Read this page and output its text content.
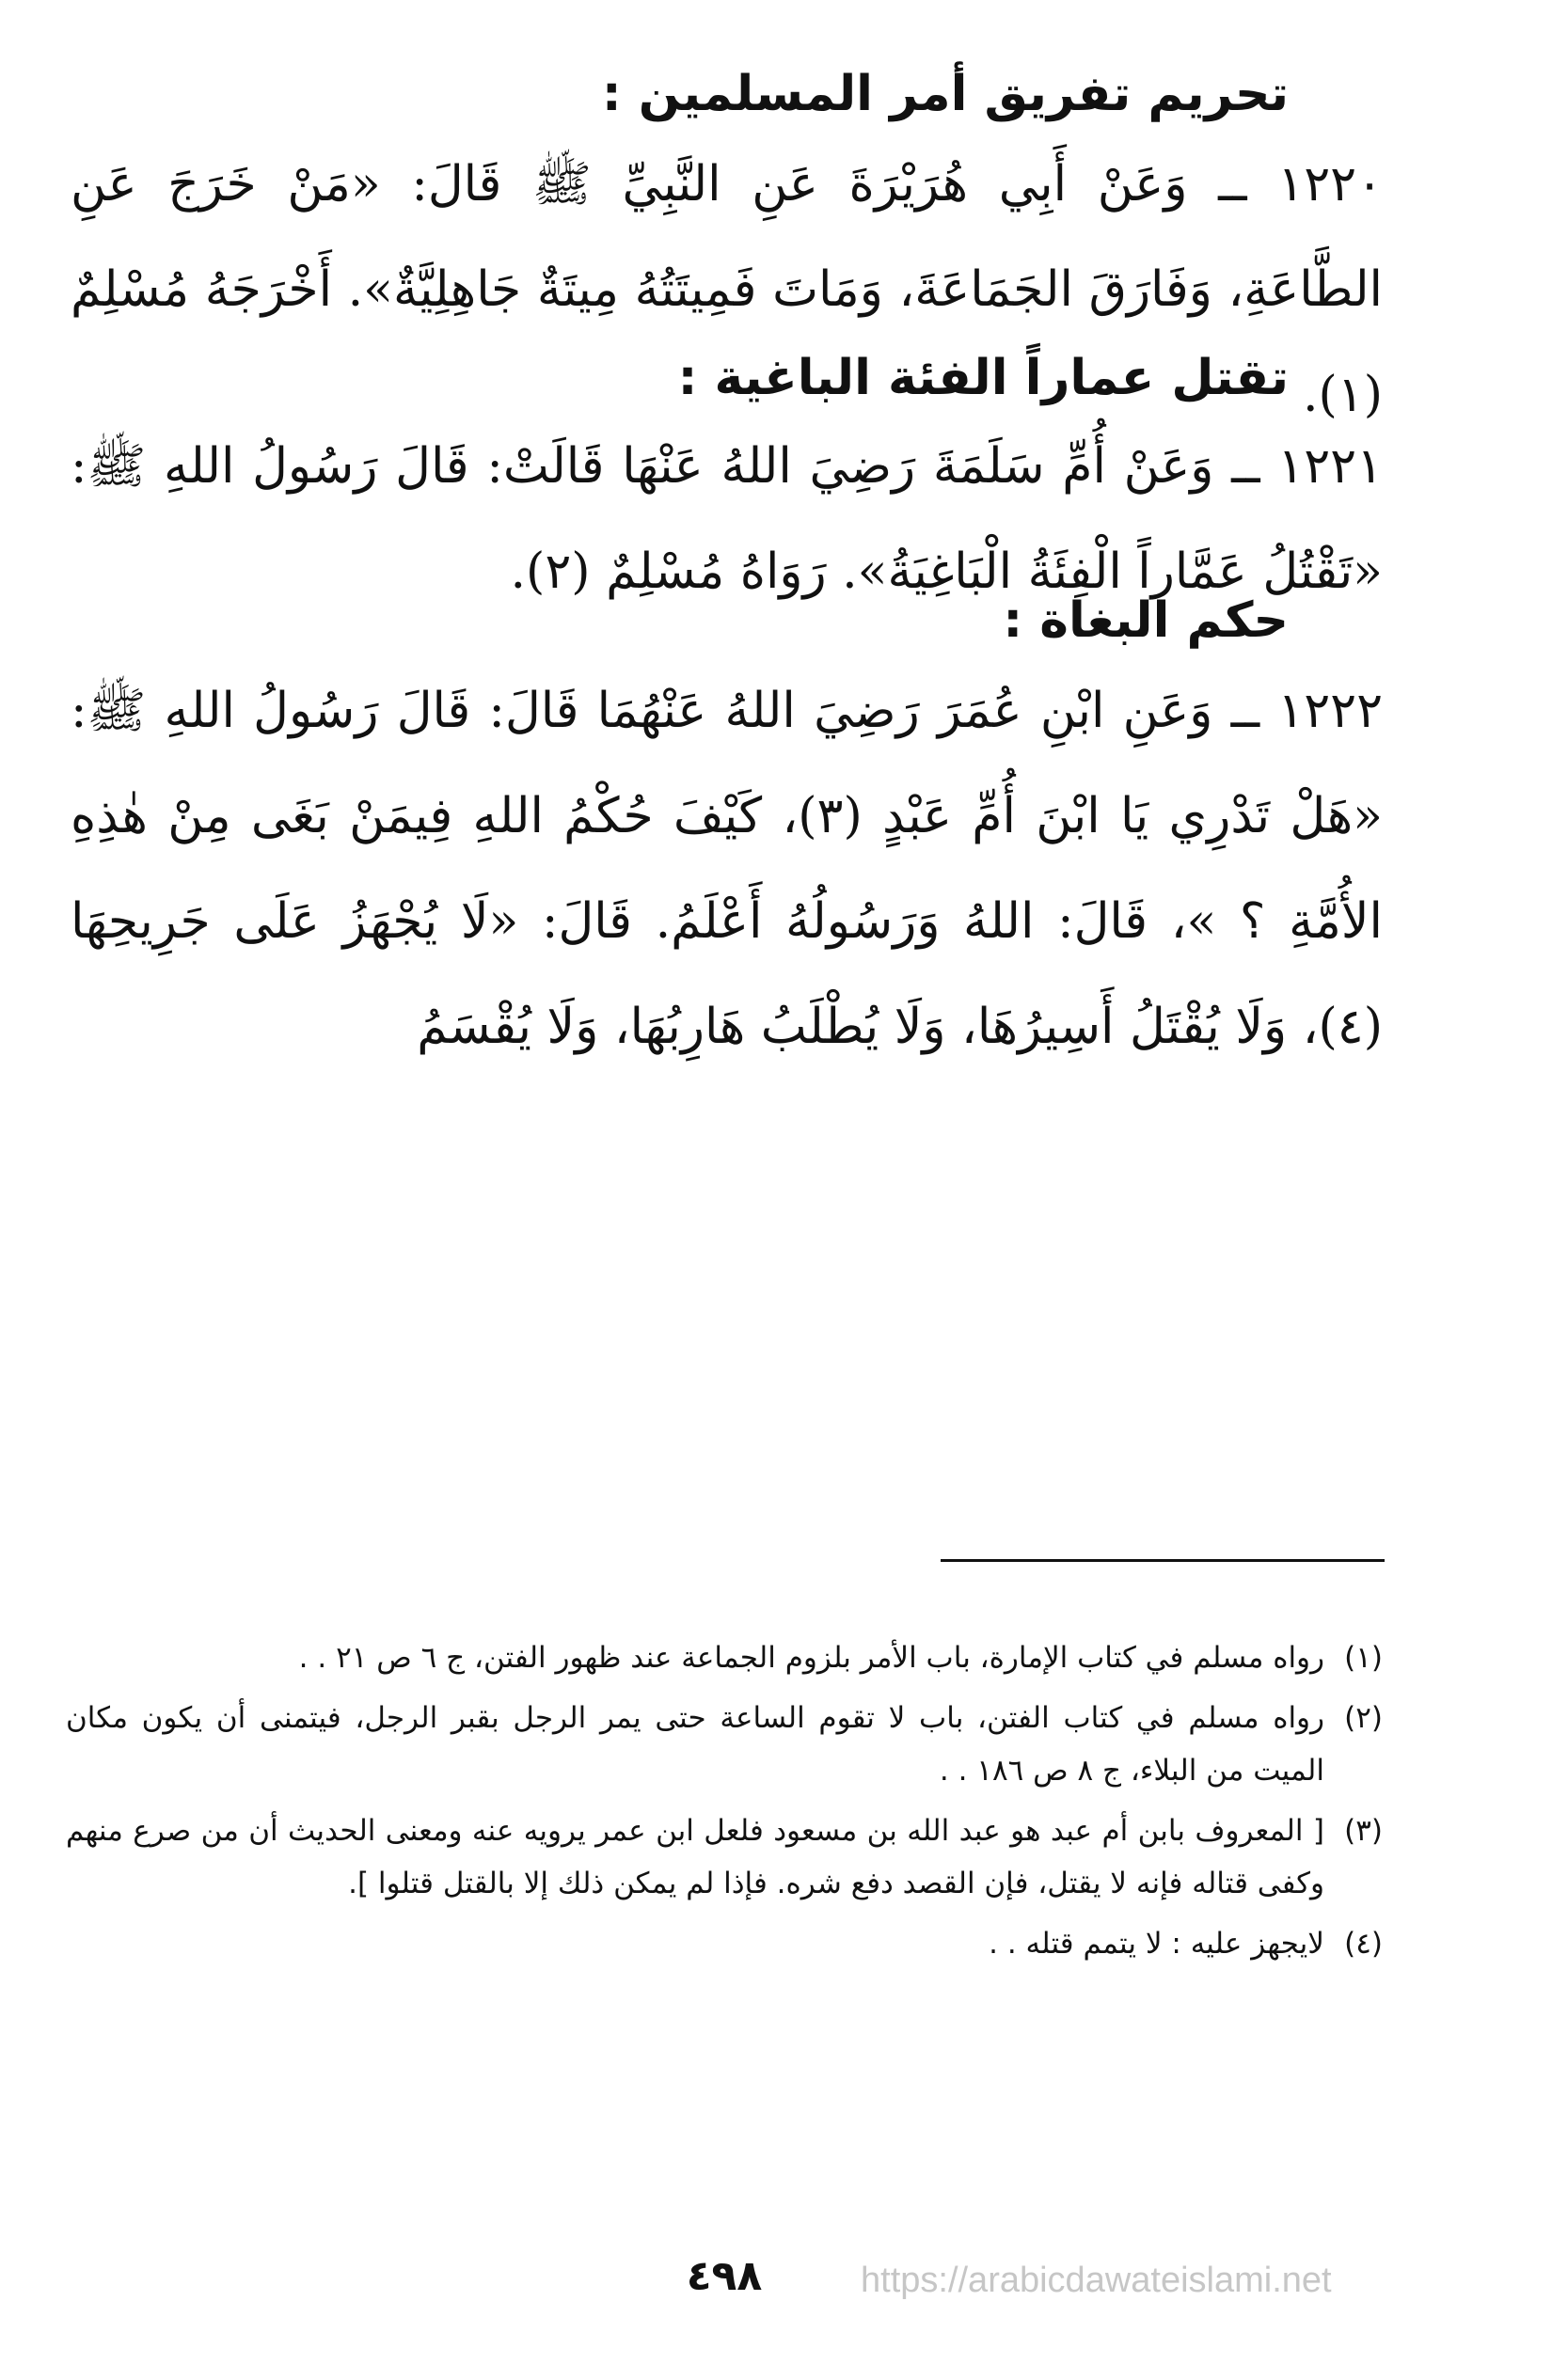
تحريم تفريق أمر المسلمين :
١٢٢٠ ــ وَعَنْ أَبِي هُرَيْرَةَ عَنِ النَّبِيِّ ﷺ قَالَ: «مَنْ خَرَجَ عَنِ الطَّاعَةِ، وَفَارَقَ الجَمَاعَةَ، وَمَاتَ فَمِيتَتُهُ مِيتَةٌ جَاهِلِيَّةٌ». أَخْرَجَهُ مُسْلِمٌ (١).
تقتل عماراً الفئة الباغية :
١٢٢١ ــ وَعَنْ أُمِّ سَلَمَةَ رَضِيَ اللهُ عَنْهَا قَالَتْ: قَالَ رَسُولُ اللهِ ﷺ: «تَقْتُلُ عَمَّاراً الْفِئَةُ الْبَاغِيَةُ». رَوَاهُ مُسْلِمٌ (٢).
حكم البغاة :
١٢٢٢ ــ وَعَنِ ابْنِ عُمَرَ رَضِيَ اللهُ عَنْهُمَا قَالَ: قَالَ رَسُولُ اللهِ ﷺ: «هَلْ تَدْرِي يَا ابْنَ أُمِّ عَبْدٍ (٣)، كَيْفَ حُكْمُ اللهِ فِيمَنْ بَغَى مِنْ هٰذِهِ الأُمَّةِ ؟ »، قَالَ: اللهُ وَرَسُولُهُ أَعْلَمُ. قَالَ: «لَا يُجْهَزُ عَلَى جَرِيحِهَا (٤)، وَلَا يُقْتَلُ أَسِيرُهَا، وَلَا يُطْلَبُ هَارِبُهَا، وَلَا يُقْسَمُ
(١)
رواه مسلم في كتاب الإمارة، باب الأمر بلزوم الجماعة عند ظهور الفتن، ج ٦ ص ٢١ . .
(٢)
رواه مسلم في كتاب الفتن، باب لا تقوم الساعة حتى يمر الرجل بقبر الرجل، فيتمنى أن يكون مكان الميت من البلاء، ج ٨ ص ١٨٦ . .
(٣)
[ المعروف بابن أم عبد هو عبد الله بن مسعود فلعل ابن عمر يرويه عنه ومعنى الحديث أن من صرع منهم وكفى قتاله فإنه لا يقتل، فإن القصد دفع شره. فإذا لم يمكن ذلك إلا بالقتل قتلوا ].
(٤)
لايجهز عليه : لا يتمم قتله . .
٤٩٨	https://arabicdawateislami.net
